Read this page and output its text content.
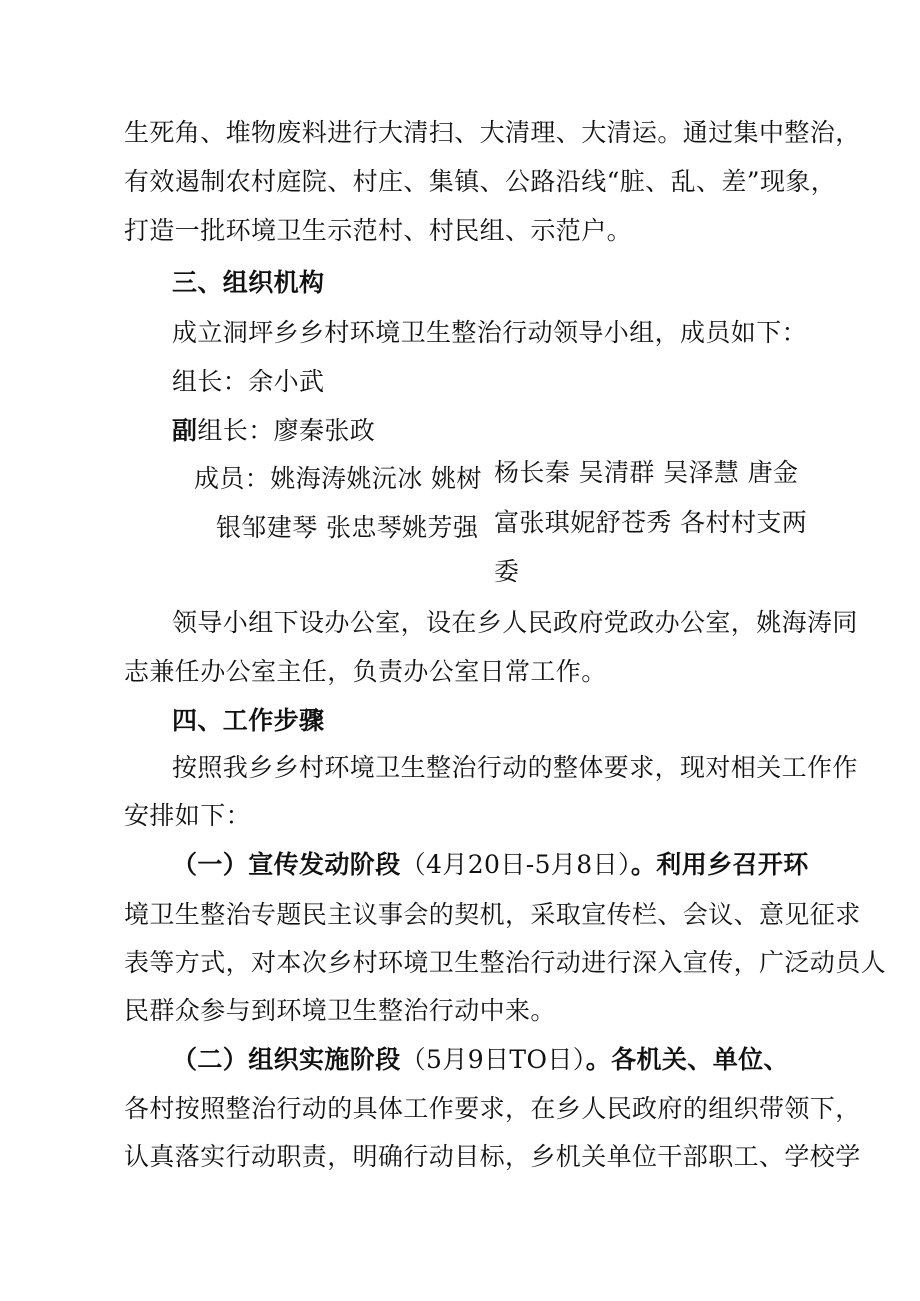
生死角、堆物废料进行大清扫、大清理、大清运。通过集中整治，
有效遏制农村庭院、村庄、集镇、公路沿线“脏、乱、差”现象，
打造一批环境卫生示范村、村民组、示范户。
三、组织机构
成立洞坪乡乡村环境卫生整治行动领导小组，成员如下：
组长：余小武
副组长：廖秦张政
成员：姚海涛姚沅冰 姚树
银邹建琴 张忠琴姚芳强
杨长秦 吴清群 吴泽慧 唐金
富张琪妮舒苍秀 各村村支两
委
领导小组下设办公室，设在乡人民政府党政办公室，姚海涛同
志兼任办公室主任，负责办公室日常工作。
四、工作步骤
按照我乡乡村环境卫生整治行动的整体要求，现对相关工作作
安排如下：
（一）宣传发动阶段（4月20日-5月8日）。利用乡召开环
境卫生整治专题民主议事会的契机，采取宣传栏、会议、意见征求
表等方式，对本次乡村环境卫生整治行动进行深入宣传，广泛动员人
民群众参与到环境卫生整治行动中来。
（二）组织实施阶段（5月9日TO日）。各机关、单位、
各村按照整治行动的具体工作要求，在乡人民政府的组织带领下，
认真落实行动职责，明确行动目标，乡机关单位干部职工、学校学
